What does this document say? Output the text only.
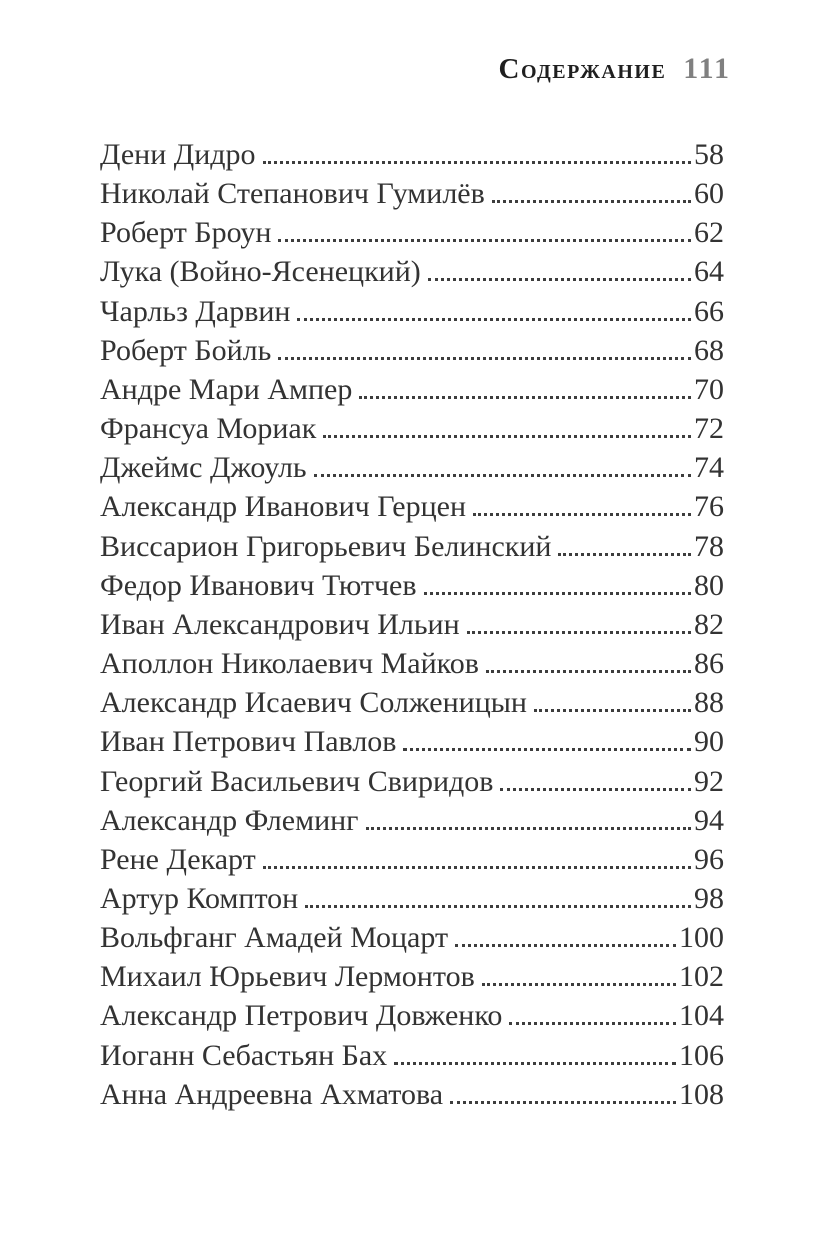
Содержание 111
Дени Дидро	58
Николай Степанович Гумилёв	60
Роберт Броун	62
Лука (Войно-Ясенецкий)	64
Чарльз Дарвин	66
Роберт Бойль	68
Андре Мари Ампер	70
Франсуа Мориак	72
Джеймс Джоуль	74
Александр Иванович Герцен	76
Виссарион Григорьевич Белинский	78
Федор Иванович Тютчев	80
Иван Александрович Ильин	82
Аполлон Николаевич Майков	86
Александр Исаевич Солженицын	88
Иван Петрович Павлов	90
Георгий Васильевич Свиридов	92
Александр Флеминг	94
Рене Декарт	96
Артур Комптон	98
Вольфганг Амадей Моцарт	100
Михаил Юрьевич Лермонтов	102
Александр Петрович Довженко	104
Иоганн Себастьян Бах	106
Анна Андреевна Ахматова	108
